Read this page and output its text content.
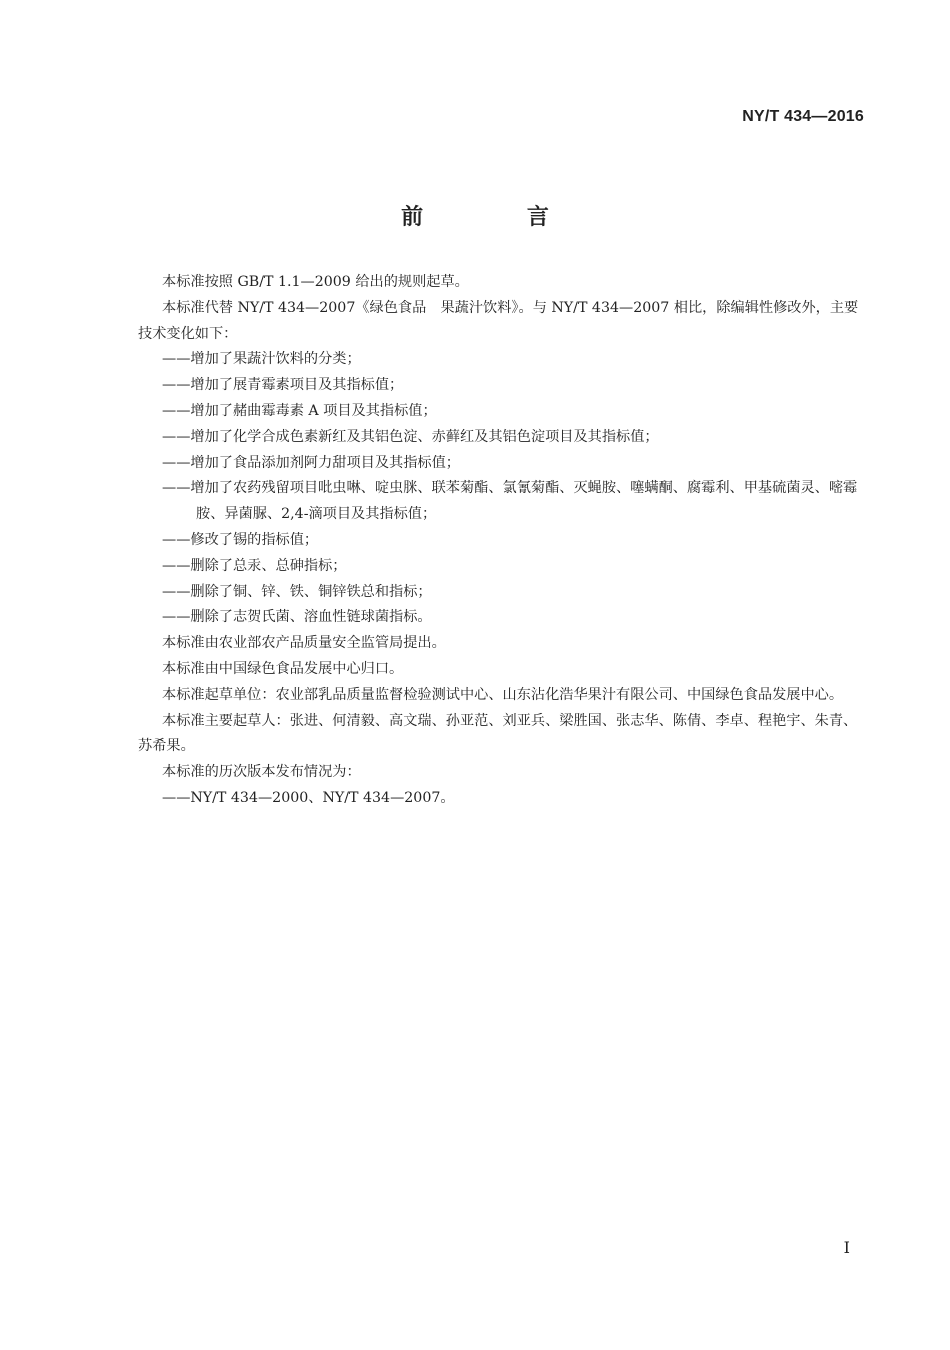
NY/T 434—2016
前 言

本标准按照 GB/T 1.1—2009 给出的规则起草。

本标准代替 NY/T 434—2007《绿色食品　果蔬汁饮料》。与 NY/T 434—2007 相比，除编辑性修改外，主要技术变化如下：

——增加了果蔬汁饮料的分类；

——增加了展青霉素项目及其指标值；

——增加了赭曲霉毒素 A 项目及其指标值；

——增加了化学合成色素新红及其铝色淀、赤藓红及其铝色淀项目及其指标值；

——增加了食品添加剂阿力甜项目及其指标值；

——增加了农药残留项目吡虫啉、啶虫脒、联苯菊酯、氯氰菊酯、灭蝇胺、噻螨酮、腐霉利、甲基硫菌灵、嘧霉胺、异菌脲、2,4-滴项目及其指标值；

——修改了锡的指标值；

——删除了总汞、总砷指标；

——删除了铜、锌、铁、铜锌铁总和指标；

——删除了志贺氏菌、溶血性链球菌指标。

本标准由农业部农产品质量安全监管局提出。

本标准由中国绿色食品发展中心归口。

本标准起草单位：农业部乳品质量监督检验测试中心、山东沾化浩华果汁有限公司、中国绿色食品发展中心。

本标准主要起草人：张进、何清毅、高文瑞、孙亚范、刘亚兵、梁胜国、张志华、陈倩、李卓、程艳宇、朱青、苏希果。

本标准的历次版本发布情况为：

——NY/T 434—2000、NY/T 434—2007。

I
